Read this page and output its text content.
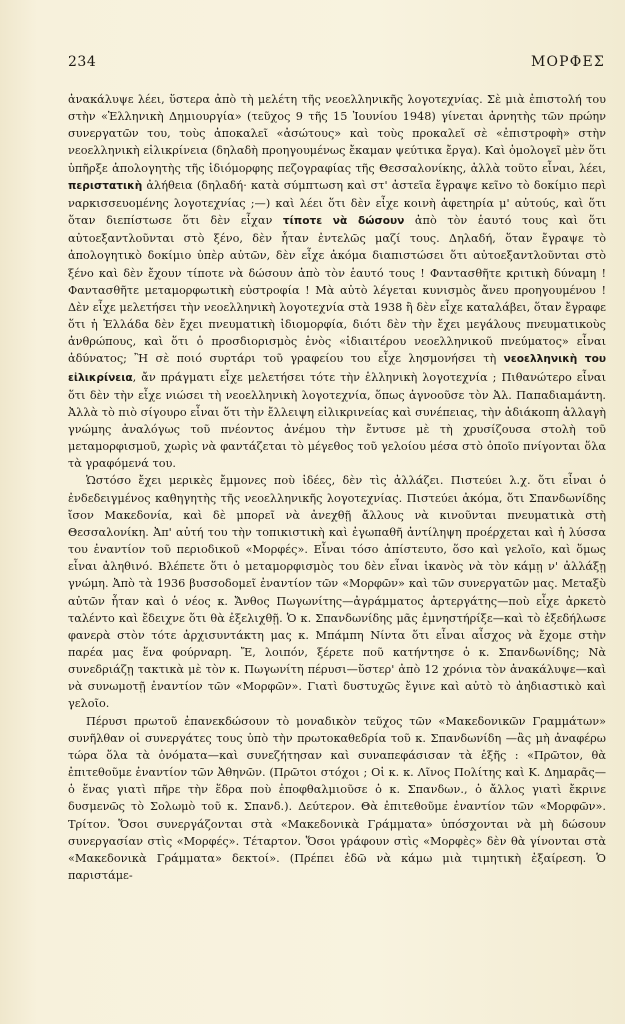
234	ΜΟΡΦΕΣ

ἀνακάλυψε λέει, ὕστερα ἀπὸ τὴ μελέτη τῆς νεοελληνικῆς λογοτεχνίας. Σὲ μιὰ ἐπιστολή του στὴν «Ἑλληνικὴ Δημιουργία» (τεῦχος 9 τῆς 15 Ἰουνίου 1948) γίνεται ἀρνητὴς τῶν πρώην συνεργατῶν του, τοὺς ἀποκαλεῖ «ἀσώτους» καὶ τοὺς προκαλεῖ σὲ «ἐπιστροφὴ» στὴν νεοελληνικὴ εἰλικρίνεια (δηλαδὴ προηγουμένως ἔκαμαν ψεύτικα ἔργα). Καὶ ὁμολογεῖ μὲν ὅτι ὑπῆρξε ἀπολογητὴς τῆς ἰδιόμορφης πεζογραφίας τῆς Θεσσαλονίκης, ἀλλὰ τοῦτο εἶναι, λέει, περιστατικὴ ἀλήθεια (δηλαδή· κατὰ σύμπτωση καὶ στ' ἀστεῖα ἔγραψε κεῖνο τὸ δοκίμιο περὶ ναρκισσευομένης λογοτεχνίας ;—) καὶ λέει ὅτι δὲν εἶχε κοινὴ ἀφετηρία μ' αὐτούς, καὶ ὅτι ὅταν διεπίστωσε ὅτι δὲν εἶχαν τίποτε νὰ δώσουν ἀπὸ τὸν ἑαυτό τους καὶ ὅτι αὐτοεξαντλοῦνται στὸ ξένο, δὲν ἦταν ἐντελῶς μαζί τους. Δηλαδή, ὅταν ἔγραψε τὸ ἀπολογητικὸ δοκίμιο ὑπὲρ αὐτῶν, δὲν εἶχε ἀκόμα διαπιστώσει ὅτι αὐτοεξαντλοῦνται στὸ ξένο καὶ δὲν ἔχουν τίποτε νὰ δώσουν ἀπὸ τὸν ἑαυτό τους ! Φαντασθῆτε κριτικὴ δύναμη ! Φαντασθῆτε μεταμορφωτικὴ εὐστροφία ! Μὰ αὐτὸ λέγεται κυνισμὸς ἄνευ προηγουμένου ! Δὲν εἶχε μελετήσει τὴν νεοελληνικὴ λογοτεχνία στὰ 1938 ἢ δὲν εἶχε καταλάβει, ὅταν ἔγραφε ὅτι ἡ Ἑλλάδα δὲν ἔχει πνευματικὴ ἰδιομορφία, διότι δὲν τὴν ἔχει μεγάλους πνευματικοὺς ἀνθρώπους, καὶ ὅτι ὁ προσδιορισμὸς ἑνὸς «ἰδιαιτέρου νεοελληνικοῦ πνεύματος» εἶναι ἀδύνατος; Ἢ σὲ ποιό συρτάρι τοῦ γραφείου του εἶχε λησμονήσει τὴ νεοελληνικὴ του εἰλικρίνεια, ἄν πράγματι εἶχε μελετήσει τότε τὴν ἑλληνικὴ λογοτεχνία ; Πιθανώτερο εἶναι ὅτι δὲν τὴν εἶχε νιώσει τὴ νεοελληνικὴ λογοτεχνία, ὅπως ἀγνοοῦσε τὸν Ἀλ. Παπαδιαμάντη. Ἀλλὰ τὸ πιὸ σίγουρο εἶναι ὅτι τὴν ἔλλειψη εἰλικρινείας καὶ συνέπειας, τὴν ἀδιάκοπη ἀλλαγὴ γνώμης ἀναλόγως τοῦ πνέοντος ἀνέμου τὴν ἔντυσε μὲ τὴ χρυσίζουσα στολὴ τοῦ μεταμορφισμοῦ, χωρὶς νὰ φαντάζεται τὸ μέγεθος τοῦ γελοίου μέσα στὸ ὁποῖο πνίγονται ὅλα τὰ γραφόμενά του.

Ὡστόσο ἔχει μερικὲς ἔμμονες ποὺ ἰδέες, δὲν τὶς ἀλλάζει. Πιστεύει λ.χ. ὅτι εἶναι ὁ ἐνδεδειγμένος καθηγητὴς τῆς νεοελληνικῆς λογοτεχνίας. Πιστεύει ἀκόμα, ὅτι Σπανδωνίδης ἴσον Μακεδονία, καὶ δὲ μπορεῖ νὰ ἀνεχθῇ ἄλλους νὰ κινοῦνται πνευματικὰ στὴ Θεσσαλονίκη. Ἀπ' αὐτή του τὴν τοπικιστικὴ καὶ ἐγωπαθῆ ἀντίληψη προέρχεται καὶ ἡ λύσσα του ἐναντίον τοῦ περιοδικοῦ «Μορφές». Εἶναι τόσο ἀπίστευτο, ὅσο καὶ γελοῖο, καὶ ὅμως εἶναι ἀληθινό. Βλέπετε ὅτι ὁ μεταμορφισμὸς του δὲν εἶναι ἱκανὸς νὰ τὸν κάμῃ ν' ἀλλάξῃ γνώμη. Ἀπὸ τὰ 1936 βυσσοδομεῖ ἐναντίον τῶν «Μορφῶν» καὶ τῶν συνεργατῶν μας. Μεταξὺ αὐτῶν ἦταν καὶ ὁ νέος κ. Ἄνθος Πωγωνίτης—ἀγράμματος ἀρτεργάτης—ποὺ εἶχε ἀρκετὸ ταλέντο καὶ ἔδειχνε ὅτι θὰ ἐξελιχθῇ. Ὁ κ. Σπανδωνίδης μᾶς ἐμνηστήρίξε—καὶ τὸ ἐξεδήλωσε φανερὰ στὸν τότε ἀρχισυντάκτη μας κ. Μπάμπη Νίντα ὅτι εἶναι αἶσχος νὰ ἔχομε στὴν παρέα μας ἕνα φούρναρη. Ἔ, λοιπόν, ξέρετε ποῦ κατήντησε ὁ κ. Σπανδωνίδης; Νὰ συνεδριάζῃ τακτικὰ μὲ τὸν κ. Πωγωνίτη πέρυσι—ὕστερ' ἀπὸ 12 χρόνια τὸν ἀνακάλυψε—καὶ νὰ συνωμοτῇ ἐναντίον τῶν «Μορφῶν». Γιατὶ δυστυχῶς ἔγινε καὶ αὐτὸ τὸ ἀηδιαστικὸ καὶ γελοῖο.

Πέρυσι πρωτοῦ ἐπανεκδώσουν τὸ μοναδικὸν τεῦχος τῶν «Μακεδονικῶν Γραμμάτων» συνῆλθαν οἱ συνεργάτες τους ὑπὸ τὴν πρωτοκαθεδρία τοῦ κ. Σπανδωνίδη —ἂς μὴ ἀναφέρω τώρα ὅλα τὰ ὀνόματα—καὶ συνεζήτησαν καὶ συναπεφάσισαν τὰ ἑξῆς : «Πρῶτον, θὰ ἐπιτεθοῦμε ἐναντίον τῶν Ἀθηνῶν. (Πρῶτοι στόχοι ; Οἱ κ. κ. Λῖνος Πολίτης καὶ Κ. Δημαρᾶς—ὁ ἕνας γιατὶ πῆρε τὴν ἕδρα ποὺ ἐποφθαλμιοῦσε ὁ κ. Σπανδων., ὁ ἄλλος γιατὶ ἔκρινε δυσμενῶς τὸ Σολωμὸ τοῦ κ. Σπανδ.). Δεύτερον. Θὰ ἐπιτεθοῦμε ἐναντίον τῶν «Μορφῶν». Τρίτον. Ὅσοι συνεργάζονται στὰ «Μακεδονικὰ Γράμματα» ὑπόσχονται νὰ μὴ δώσουν συνεργασίαν στὶς «Μορφές». Τέταρτον. Ὅσοι γράφουν στὶς «Μορφὲς» δὲν θὰ γίνονται στὰ «Μακεδονικὰ Γράμματα» δεκτοί». (Πρέπει ἐδῶ νὰ κάμω μιὰ τιμητικὴ ἐξαίρεση. Ὁ παριστάμε-
